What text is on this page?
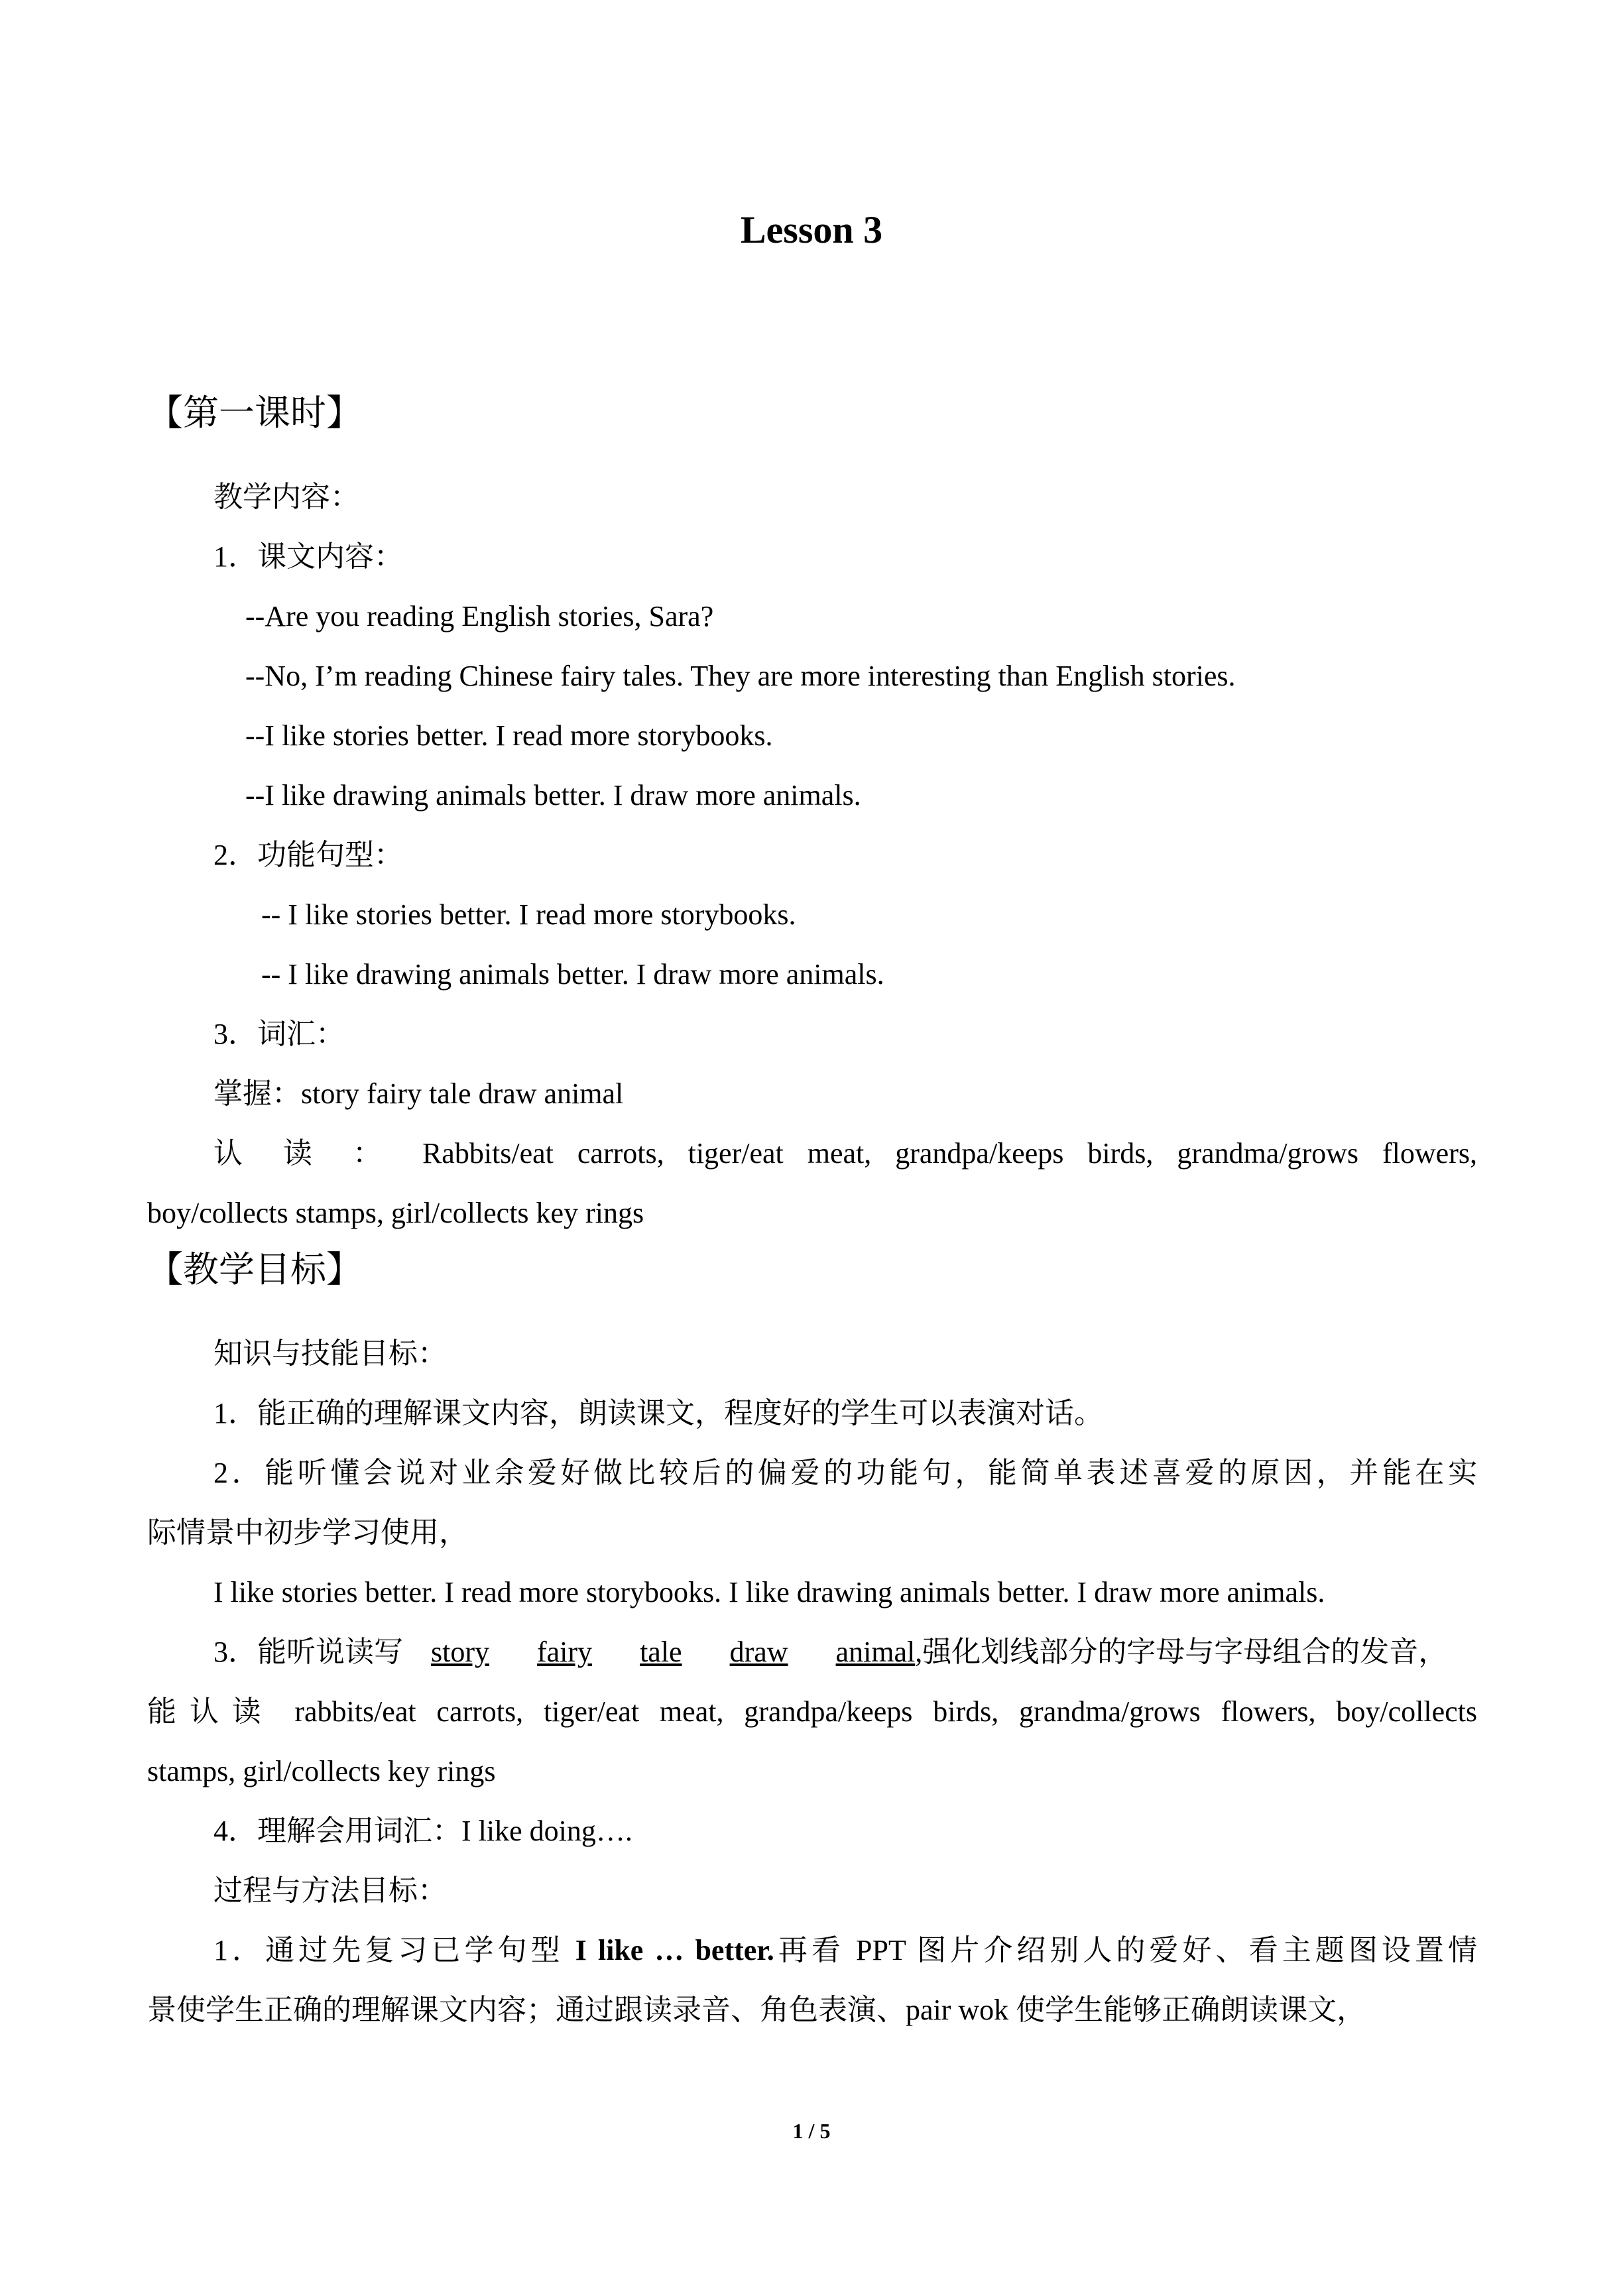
Lesson 3
【第一课时】
教学内容：
1．课文内容：
--Are you reading English stories, Sara?
--No, I’m reading Chinese fairy tales. They are more interesting than English stories.
--I like stories better. I read more storybooks.
--I like drawing animals better. I draw more animals.
2．功能句型：
-- I like stories better. I read more storybooks.
-- I like drawing animals better. I draw more animals.
3．词汇：
掌握：story fairy tale draw animal
认 读 ： Rabbits/eat carrots, tiger/eat meat, grandpa/keeps birds, grandma/grows flowers,
boy/collects stamps, girl/collects key rings
【教学目标】
知识与技能目标：
1．能正确的理解课文内容，朗读课文，程度好的学生可以表演对话。
2．能听懂会说对业余爱好做比较后的偏爱的功能句，能简单表述喜爱的原因，并能在实
际情景中初步学习使用，
I like stories better. I read more storybooks. I like drawing animals better. I draw more animals.
3．能听说读写 story fairy tale draw animal,强化划线部分的字母与字母组合的发音，
能认读 rabbits/eat carrots, tiger/eat meat, grandpa/keeps birds, grandma/grows flowers, boy/collects
stamps, girl/collects key rings
4．理解会用词汇：I like doing….
过程与方法目标：
1．通过先复习已学句型 I like … better.再看 PPT 图片介绍别人的爱好、看主题图设置情
景使学生正确的理解课文内容；通过跟读录音、角色表演、pair wok 使学生能够正确朗读课文，
1 / 5
